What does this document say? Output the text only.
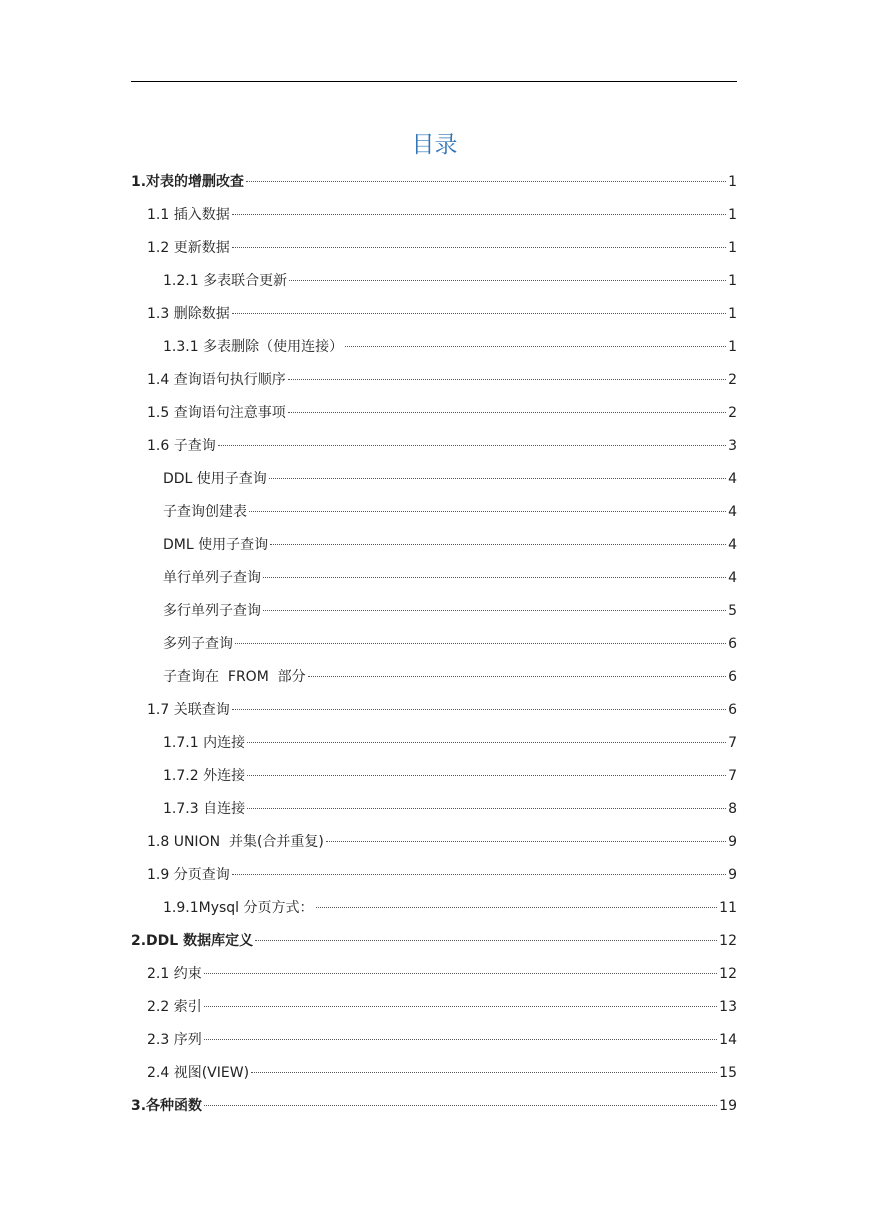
目录
1.对表的增删改查	1
1.1 插入数据	1
1.2 更新数据	1
1.2.1 多表联合更新	1
1.3 删除数据	1
1.3.1 多表删除（使用连接）	1
1.4 查询语句执行顺序	2
1.5 查询语句注意事项	2
1.6 子查询	3
DDL 使用子查询	4
子查询创建表	4
DML 使用子查询	4
单行单列子查询	4
多行单列子查询	5
多列子查询	6
子查询在  FROM  部分	6
1.7 关联查询	6
1.7.1 内连接	7
1.7.2 外连接	7
1.7.3 自连接	8
1.8 UNION  并集(合并重复)	9
1.9 分页查询	9
1.9.1Mysql 分页方式：	11
2.DDL 数据库定义	12
2.1 约束	12
2.2 索引	13
2.3 序列	14
2.4 视图(VIEW)	15
3.各种函数	19
